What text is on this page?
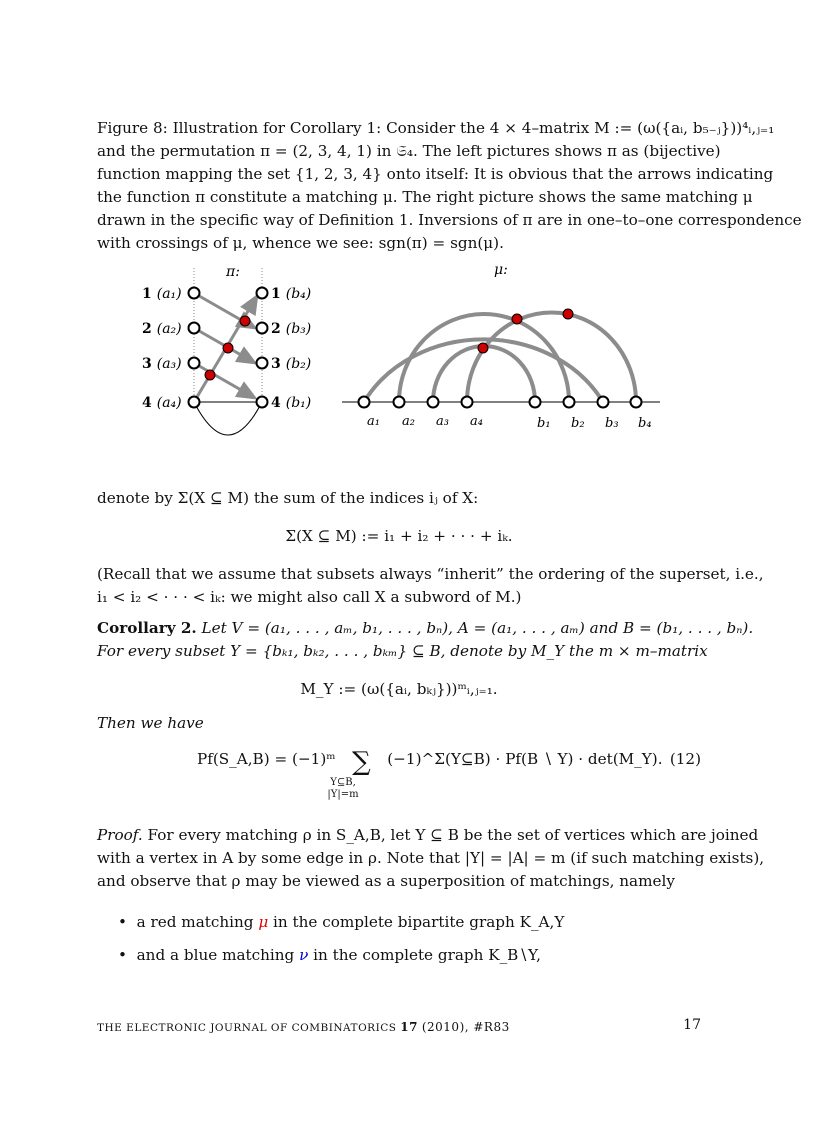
Figure 8: Illustration for Corollary 1: Consider the 4 × 4–matrix M := (ω({aᵢ, b₅₋ⱼ}))⁴ᵢ,ⱼ₌₁
and the permutation π = (2, 3, 4, 1) in 𝔖₄. The left pictures shows π as (bijective)
function mapping the set {1, 2, 3, 4} onto itself: It is obvious that the arrows indicating
the function π constitute a matching μ. The right picture shows the same matching μ
drawn in the specific way of Definition 1. Inversions of π are in one–to–one correspondence
with crossings of μ, whence we see: sgn(π) = sgn(μ).
π:
1 (a₁)
2 (a₂)
3 (a₃)
4 (a₄)
1 (b₄)
2 (b₃)
3 (b₂)
4 (b₁)
μ:
a₁ a₂ a₃ a₄	b₁ b₂ b₃ b₄
denote by Σ(X ⊆ M) the sum of the indices iⱼ of X:
Σ(X ⊆ M) := i₁ + i₂ + · · · + iₖ.
(Recall that we assume that subsets always “inherit” the ordering of the superset, i.e.,
i₁ < i₂ < · · · < iₖ: we might also call X a subword of M.)
Corollary 2. Let V = (a₁, . . . , aₘ, b₁, . . . , bₙ), A = (a₁, . . . , aₘ) and B = (b₁, . . . , bₙ).
For every subset Y = {bₖ₁, bₖ₂, . . . , bₖₘ} ⊆ B, denote by M_Y the m × m–matrix
M_Y := (ω({aᵢ, bₖⱼ}))ᵐᵢ,ⱼ₌₁.
Then we have
Pf(S_A,B) = (−1)ᵐ ∑ (−1)^Σ(Y⊆B) · Pf(B ∖ Y) · det(M_Y).
Y⊆B,
|Y|=m
(12)
Proof. For every matching ρ in S_A,B, let Y ⊆ B be the set of vertices which are joined
with a vertex in A by some edge in ρ. Note that |Y| = |A| = m (if such matching exists),
and observe that ρ may be viewed as a superposition of matchings, namely
• a red matching μ in the complete bipartite graph K_A,Y
• and a blue matching ν in the complete graph K_B∖Y,
THE ELECTRONIC JOURNAL OF COMBINATORICS 17 (2010), #R83	17
